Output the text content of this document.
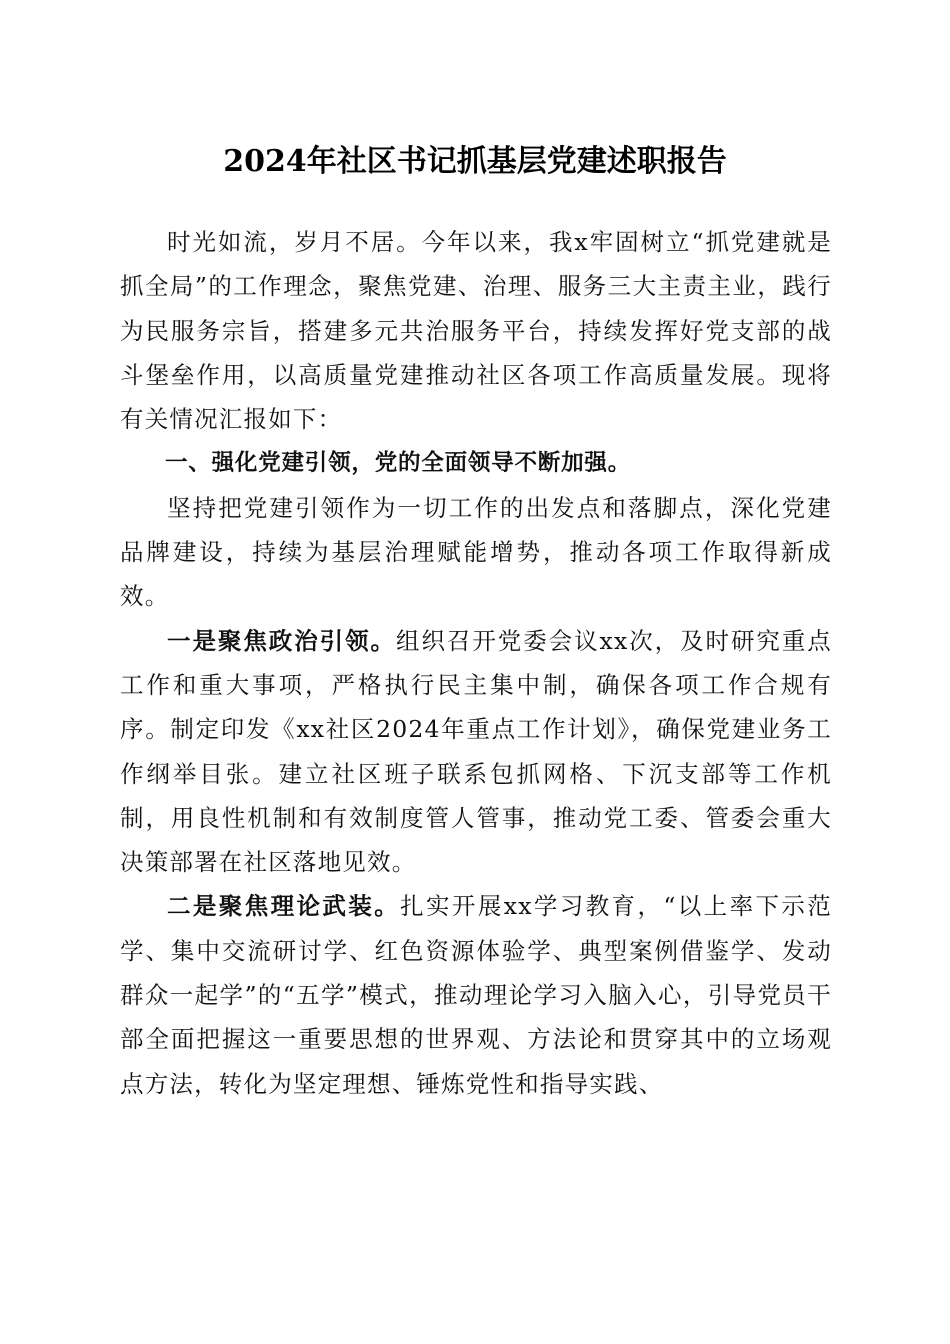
2024年社区书记抓基层党建述职报告

时光如流，岁月不居。今年以来，我x牢固树立“抓党建就是抓全局”的工作理念，聚焦党建、治理、服务三大主责主业，践行为民服务宗旨，搭建多元共治服务平台，持续发挥好党支部的战斗堡垒作用，以高质量党建推动社区各项工作高质量发展。现将有关情况汇报如下：

一、强化党建引领，党的全面领导不断加强。

坚持把党建引领作为一切工作的出发点和落脚点，深化党建品牌建设，持续为基层治理赋能增势，推动各项工作取得新成效。

一是聚焦政治引领。组织召开党委会议xx次，及时研究重点工作和重大事项，严格执行民主集中制，确保各项工作合规有序。制定印发《xx社区2024年重点工作计划》，确保党建业务工作纲举目张。建立社区班子联系包抓网格、下沉支部等工作机制，用良性机制和有效制度管人管事，推动党工委、管委会重大决策部署在社区落地见效。

二是聚焦理论武装。扎实开展xx学习教育，“以上率下示范学、集中交流研讨学、红色资源体验学、典型案例借鉴学、发动群众一起学”的“五学”模式，推动理论学习入脑入心，引导党员干部全面把握这一重要思想的世界观、方法论和贯穿其中的立场观点方法，转化为坚定理想、锤炼党性和指导实践、
